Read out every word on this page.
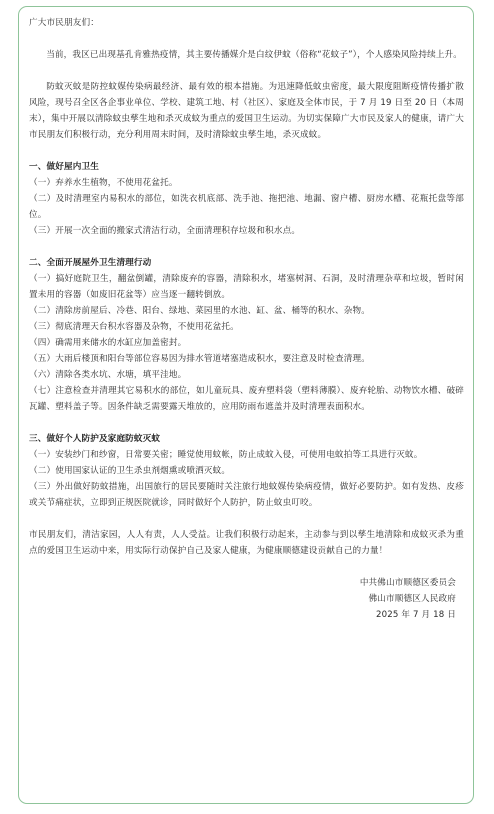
广大市民朋友们：

当前，我区已出现基孔肯雅热疫情，其主要传播媒介是白纹伊蚊（俗称“花蚊子”），个人感染风险持续上升。

防蚊灭蚊是防控蚊媒传染病最经济、最有效的根本措施。为迅速降低蚊虫密度，最大限度阻断疫情传播扩散风险，现号召全区各企事业单位、学校、建筑工地、村（社区）、家庭及全体市民，于 7 月 19 日至 20 日（本周末），集中开展以清除蚊虫孳生地和杀灭成蚊为重点的爱国卫生运动。为切实保障广大市民及家人的健康，请广大市民朋友们积极行动，充分利用周末时间，及时清除蚊虫孳生地，杀灭成蚊。

一、做好屋内卫生

（一）弃养水生植物，不使用花盆托。

（二）及时清理室内易积水的部位，如洗衣机底部、洗手池、拖把池、地漏、窗户槽、厨房水槽、花瓶托盘等部位。

（三）开展一次全面的搬家式清洁行动，全面清理积存垃圾和积水点。

二、全面开展屋外卫生清理行动

（一）搞好庭院卫生，翻盆倒罐，清除废弃的容器，清除积水，堵塞树洞、石洞，及时清理杂草和垃圾，暂时闲置未用的容器（如废旧花盆等）应当逐一翻转倒放。

（二）清除房前屋后、冷巷、阳台、绿地、菜园里的水池、缸、盆、桶等的积水、杂物。

（三）彻底清理天台积水容器及杂物，不使用花盆托。

（四）确需用来储水的水缸应加盖密封。

（五）大雨后楼顶和阳台等部位容易因为排水管道堵塞造成积水，要注意及时检查清理。

（六）清除各类水坑、水塘，填平洼地。

（七）注意检查并清理其它易积水的部位，如儿童玩具、废弃塑料袋（塑料薄膜）、废弃轮胎、动物饮水槽、破碎瓦罐、塑料盖子等。因条件缺乏需要露天堆放的，应用防雨布遮盖并及时清理表面积水。

三、做好个人防护及家庭防蚊灭蚊

（一）安装纱门和纱窗，日常要关密；睡觉使用蚊帐，防止成蚊入侵，可使用电蚊拍等工具进行灭蚊。

（二）使用国家认证的卫生杀虫剂烟熏或喷洒灭蚊。

（三）外出做好防蚊措施，出国旅行的居民要随时关注旅行地蚊媒传染病疫情，做好必要防护。如有发热、皮疹或关节痛症状，立即到正规医院就诊，同时做好个人防护，防止蚊虫叮咬。

市民朋友们，清洁家园，人人有责，人人受益。让我们积极行动起来，主动参与到以孳生地清除和成蚊灭杀为重点的爱国卫生运动中来，用实际行动保护自己及家人健康，为健康顺德建设贡献自己的力量！

中共佛山市顺德区委员会

佛山市顺德区人民政府

2025 年 7 月 18 日
